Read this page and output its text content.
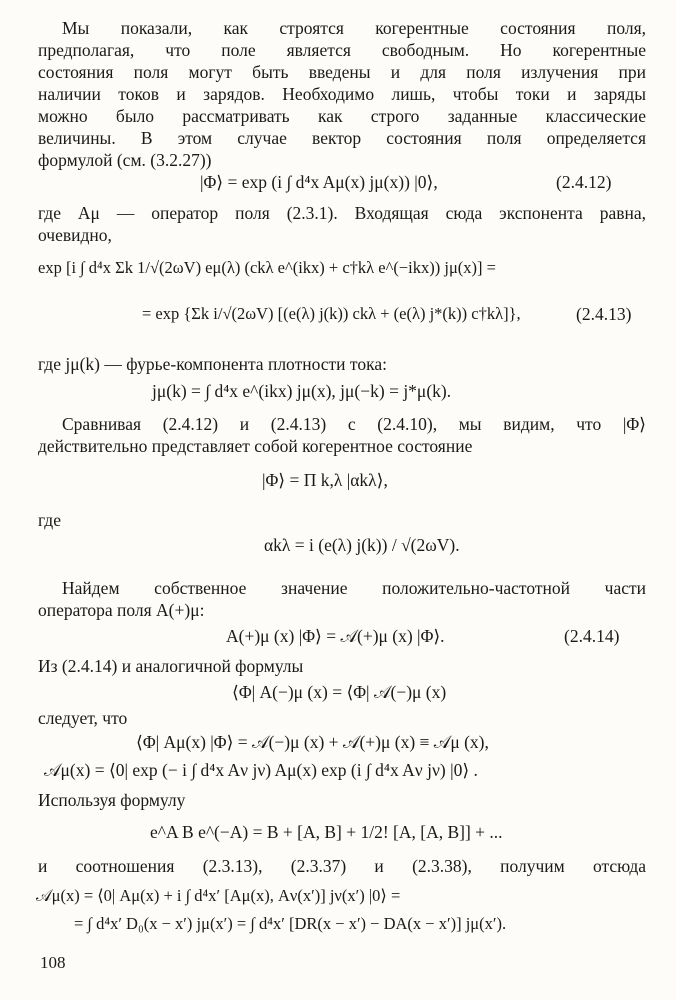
Мы показали, как строятся когерентные состояния поля,

предполагая, что поле является свободным. Но когерентные

состояния поля могут быть введены и для поля излучения при

наличии токов и зарядов. Необходимо лишь, чтобы токи и заряды

можно было рассматривать как строго заданные классические

величины. В этом случае вектор состояния поля определяется

формулой (см. (3.2.27))

|Φ⟩ = exp (i ∫ d⁴x Aμ(x) jμ(x)) |0⟩,	(2.4.12)

где Aμ — оператор поля (2.3.1). Входящая сюда экспонента равна,

очевидно,

exp [i ∫ d⁴x Σk 1/√(2ωV) eμ(λ) (ckλ e^(ikx) + c†kλ e^(−ikx)) jμ(x)] =
= exp {Σk i/√(2ωV) [(e(λ) j(k)) ckλ + (e(λ) j*(k)) c†kλ]},	(2.4.13)

где jμ(k) — фурье-компонента плотности тока:

jμ(k) = ∫ d⁴x e^(ikx) jμ(x), jμ(−k) = j*μ(k).

Сравнивая (2.4.12) и (2.4.13) с (2.4.10), мы видим, что |Φ⟩

действительно представляет собой когерентное состояние

|Φ⟩ = Π k,λ |αkλ⟩,

где

αkλ = i (e(λ) j(k)) / √(2ωV).

Найдем собственное значение положительно-частотной части

оператора поля A(+)μ:

A(+)μ (x) |Φ⟩ = 𝒜(+)μ (x) |Φ⟩.	(2.4.14)

Из (2.4.14) и аналогичной формулы

⟨Φ| A(−)μ (x) = ⟨Φ| 𝒜(−)μ (x)

следует, что

⟨Φ| Aμ(x) |Φ⟩ = 𝒜(−)μ (x) + 𝒜(+)μ (x) ≡ 𝒜μ (x),
𝒜μ(x) = ⟨0| exp (− i ∫ d⁴x Aν jν) Aμ(x) exp (i ∫ d⁴x Aν jν) |0⟩ .

Используя формулу

e^A B e^(−A) = B + [A, B] + 1/2! [A, [A, B]] + ...

и соотношения (2.3.13), (2.3.37) и (2.3.38), получим отсюда

𝒜μ(x) = ⟨0| Aμ(x) + i ∫ d⁴x′ [Aμ(x), Aν(x′)] jν(x′) |0⟩ =
= ∫ d⁴x′ D₀(x − x′) jμ(x′) = ∫ d⁴x′ [DR(x − x′) − DA(x − x′)] jμ(x′).
108
